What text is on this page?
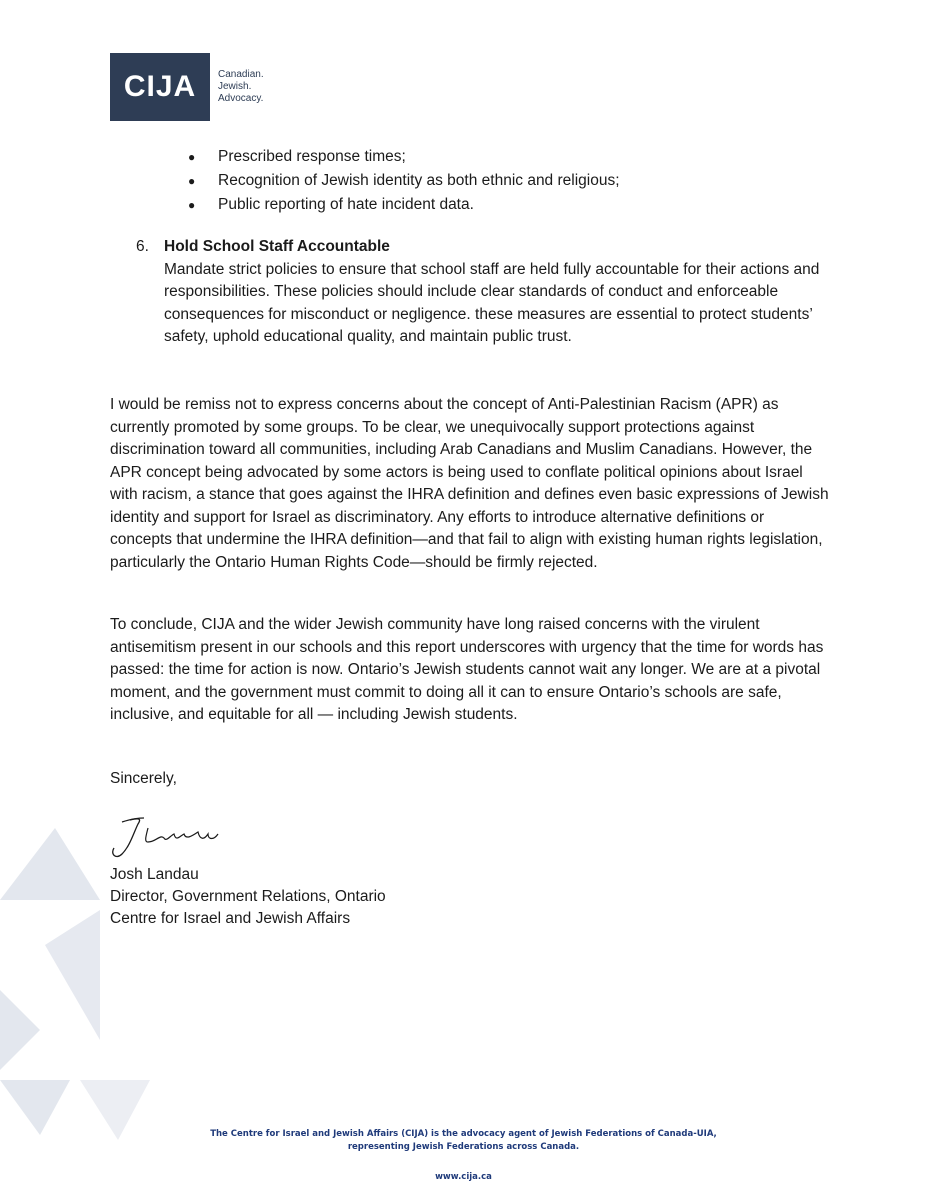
CIJA Canadian.
Jewish.
Advocacy.
●	Prescribed response times;
●	Recognition of Jewish identity as both ethnic and religious;
●	Public reporting of hate incident data.
6. Hold School Staff Accountable
Mandate strict policies to ensure that school staff are held fully accountable for their actions and responsibilities. These policies should include clear standards of conduct and enforceable consequences for misconduct or negligence. these measures are essential to protect students’ safety, uphold educational quality, and maintain public trust.
I would be remiss not to express concerns about the concept of Anti-Palestinian Racism (APR) as currently promoted by some groups. To be clear, we unequivocally support protections against discrimination toward all communities, including Arab Canadians and Muslim Canadians. However, the APR concept being advocated by some actors is being used to conflate political opinions about Israel with racism, a stance that goes against the IHRA definition and defines even basic expressions of Jewish identity and support for Israel as discriminatory. Any efforts to introduce alternative definitions or concepts that undermine the IHRA definition—and that fail to align with existing human rights legislation, particularly the Ontario Human Rights Code—should be firmly rejected.
To conclude, CIJA and the wider Jewish community have long raised concerns with the virulent antisemitism present in our schools and this report underscores with urgency that the time for words has passed: the time for action is now. Ontario’s Jewish students cannot wait any longer. We are at a pivotal moment, and the government must commit to doing all it can to ensure Ontario’s schools are safe, inclusive, and equitable for all — including Jewish students.
Sincerely,
Josh Landau
Director, Government Relations, Ontario
Centre for Israel and Jewish Affairs
The Centre for Israel and Jewish Affairs (CIJA) is the advocacy agent of Jewish Federations of Canada-UIA,
representing Jewish Federations across Canada.
www.cija.ca
